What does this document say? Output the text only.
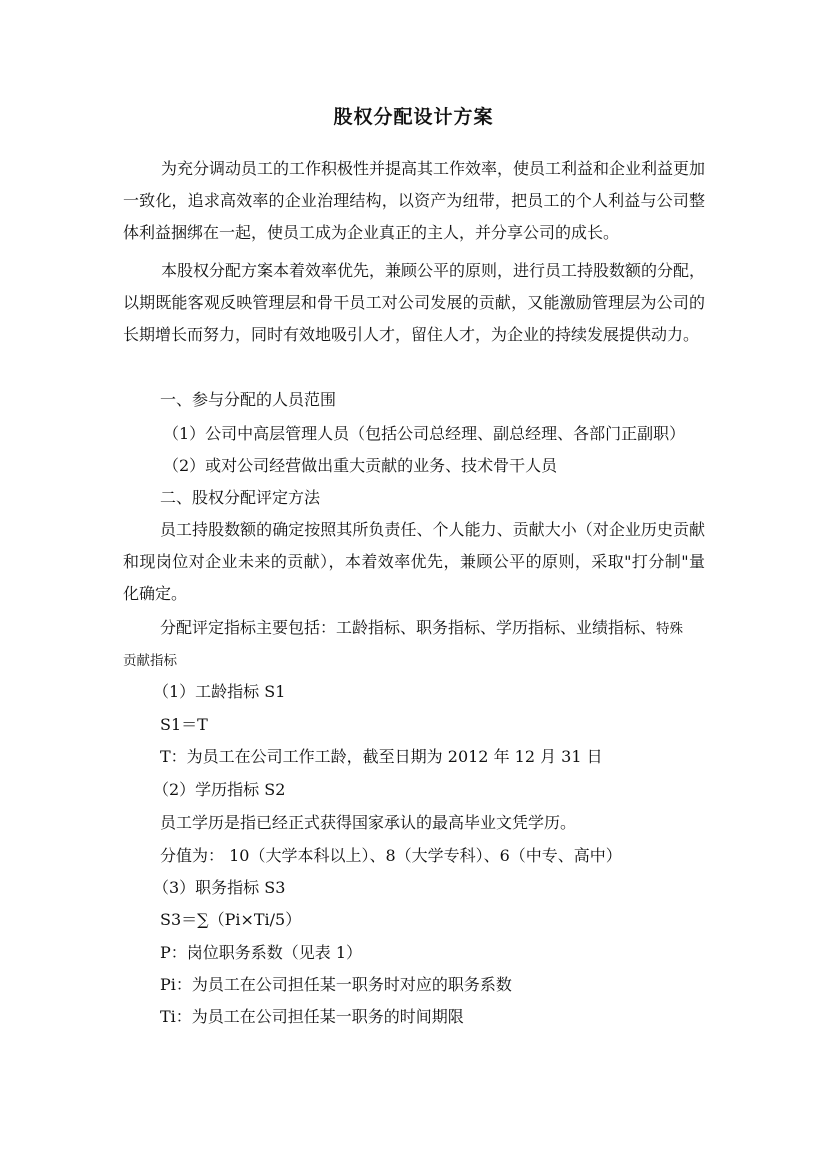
股权分配设计方案

为充分调动员工的工作积极性并提高其工作效率，使员工利益和企业利益更加一致化，追求高效率的企业治理结构，以资产为纽带，把员工的个人利益与公司整体利益捆绑在一起，使员工成为企业真正的主人，并分享公司的成长。

本股权分配方案本着效率优先，兼顾公平的原则，进行员工持股数额的分配，以期既能客观反映管理层和骨干员工对公司发展的贡献，又能激励管理层为公司的长期增长而努力，同时有效地吸引人才，留住人才，为企业的持续发展提供动力。

一、参与分配的人员范围
（1）公司中高层管理人员（包括公司总经理、副总经理、各部门正副职）
（2）或对公司经营做出重大贡献的业务、技术骨干人员
二、股权分配评定方法

员工持股数额的确定按照其所负责任、个人能力、贡献大小（对企业历史贡献和现岗位对企业未来的贡献），本着效率优先，兼顾公平的原则，采取"打分制"量化确定。

分配评定指标主要包括：工龄指标、职务指标、学历指标、业绩指标、特殊
贡献指标
（1）工龄指标 S1
S1＝T
T：为员工在公司工作工龄，截至日期为 2012 年 12 月 31 日
（2）学历指标 S2
员工学历是指已经正式获得国家承认的最高毕业文凭学历。
分值为： 10（大学本科以上）、8（大学专科）、6（中专、高中）
（3）职务指标 S3
S3＝∑（Pi×Ti/5）
P：岗位职务系数（见表 1）
Pi：为员工在公司担任某一职务时对应的职务系数
Ti：为员工在公司担任某一职务的时间期限
